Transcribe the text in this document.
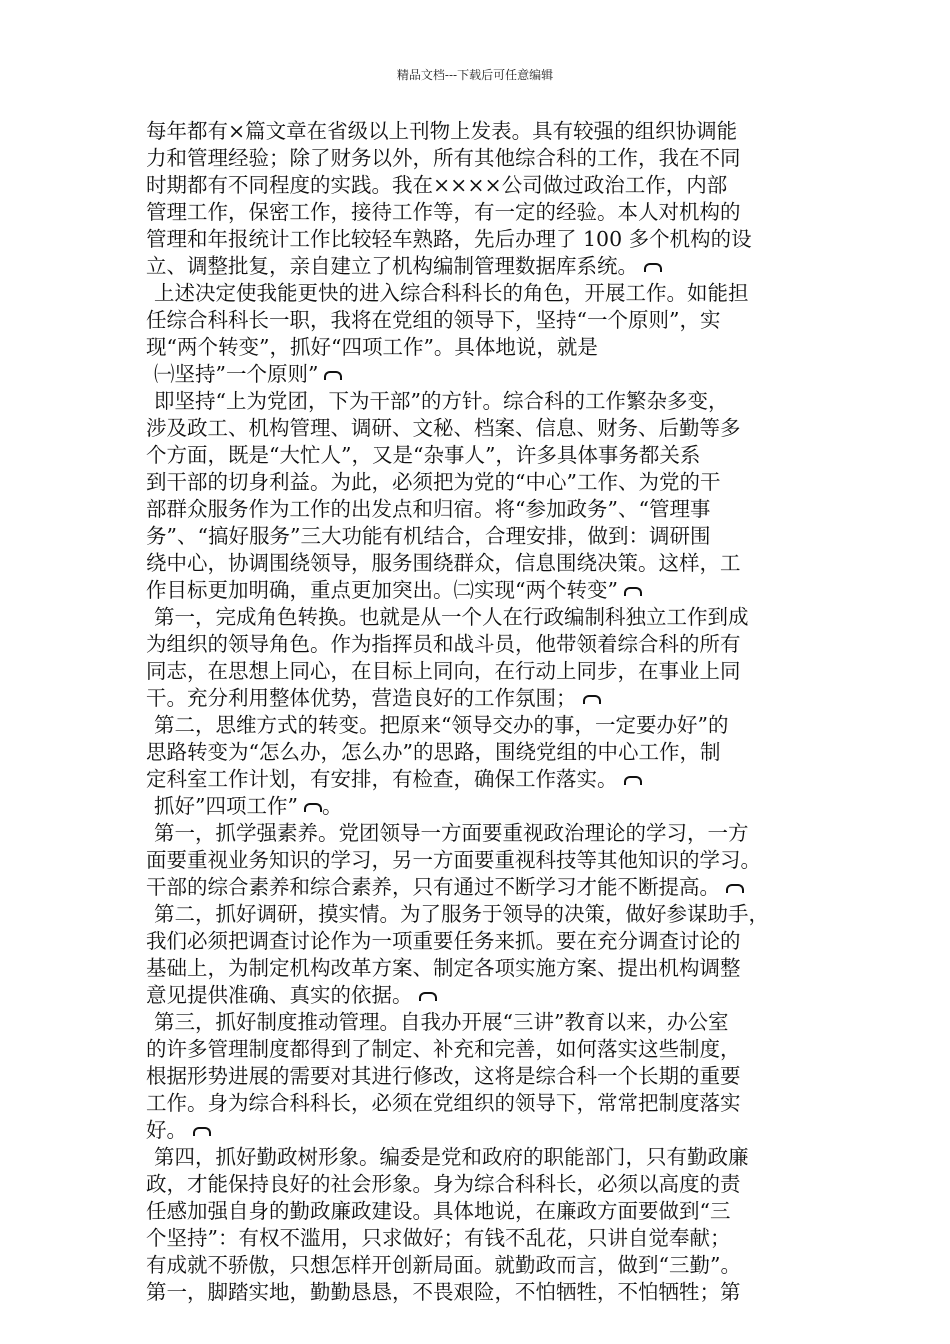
精品文档---下载后可任意编辑
每年都有×篇文章在省级以上刊物上发表。具有较强的组织协调能
力和管理经验；除了财务以外，所有其他综合科的工作，我在不同
时期都有不同程度的实践。我在××××公司做过政治工作，内部
管理工作，保密工作，接待工作等，有一定的经验。本人对机构的
管理和年报统计工作比较轻车熟路，先后办理了 100 多个机构的设
立、调整批复，亲自建立了机构编制管理数据库系统。
上述决定使我能更快的进入综合科科长的角色，开展工作。如能担
任综合科科长一职，我将在党组的领导下，坚持“一个原则”，实
现“两个转变”，抓好“四项工作”。具体地说，就是
㈠坚持”一个原则”
即坚持“上为党团，下为干部”的方针。综合科的工作繁杂多变，
涉及政工、机构管理、调研、文秘、档案、信息、财务、后勤等多
个方面，既是“大忙人”，又是“杂事人”，许多具体事务都关系
到干部的切身利益。为此，必须把为党的“中心”工作、为党的干
部群众服务作为工作的出发点和归宿。将“参加政务”、“管理事
务”、“搞好服务”三大功能有机结合，合理安排，做到：调研围
绕中心，协调围绕领导，服务围绕群众，信息围绕决策。这样，工
作目标更加明确，重点更加突出。㈡实现“两个转变”
第一，完成角色转换。也就是从一个人在行政编制科独立工作到成
为组织的领导角色。作为指挥员和战斗员，他带领着综合科的所有
同志，在思想上同心，在目标上同向，在行动上同步，在事业上同
干。充分利用整体优势，营造良好的工作氛围；
第二，思维方式的转变。把原来“领导交办的事，一定要办好”的
思路转变为“怎么办，怎么办”的思路，围绕党组的中心工作，制
定科室工作计划，有安排，有检查，确保工作落实。
抓好”四项工作” 。
第一，抓学强素养。党团领导一方面要重视政治理论的学习，一方
面要重视业务知识的学习，另一方面要重视科技等其他知识的学习。
干部的综合素养和综合素养，只有通过不断学习才能不断提高。
第二，抓好调研，摸实情。为了服务于领导的决策，做好参谋助手，
我们必须把调查讨论作为一项重要任务来抓。要在充分调查讨论的
基础上，为制定机构改革方案、制定各项实施方案、提出机构调整
意见提供准确、真实的依据。
第三，抓好制度推动管理。自我办开展“三讲”教育以来，办公室
的许多管理制度都得到了制定、补充和完善，如何落实这些制度，
根据形势进展的需要对其进行修改，这将是综合科一个长期的重要
工作。身为综合科科长，必须在党组织的领导下，常常把制度落实
好。
第四，抓好勤政树形象。编委是党和政府的职能部门，只有勤政廉
政，才能保持良好的社会形象。身为综合科科长，必须以高度的责
任感加强自身的勤政廉政建设。具体地说，在廉政方面要做到“三
个坚持”：有权不滥用，只求做好；有钱不乱花，只讲自觉奉献；
有成就不骄傲，只想怎样开创新局面。就勤政而言，做到“三勤”。
第一，脚踏实地，勤勤恳恳，不畏艰险，不怕牺牲，不怕牺牲；第
